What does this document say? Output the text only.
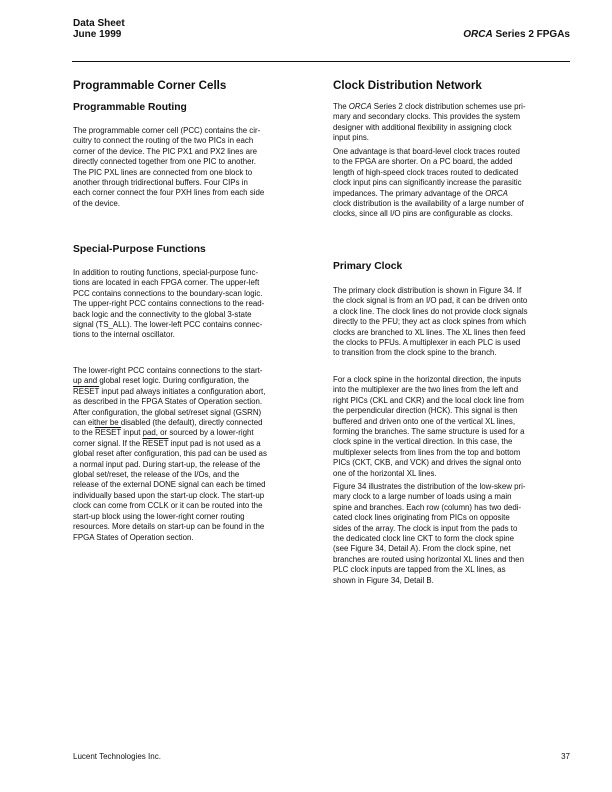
Data Sheet
June 1999	ORCA Series 2 FPGAs
Programmable Corner Cells
Programmable Routing
The programmable corner cell (PCC) contains the cir-
cuitry to connect the routing of the two PICs in each
corner of the device. The PIC PX1 and PX2 lines are
directly connected together from one PIC to another.
The PIC PXL lines are connected from one block to
another through tridirectional buffers. Four CIPs in
each corner connect the four PXH lines from each side
of the device.
Special-Purpose Functions
In addition to routing functions, special-purpose func-
tions are located in each FPGA corner. The upper-left
PCC contains connections to the boundary-scan logic.
The upper-right PCC contains connections to the read-
back logic and the connectivity to the global 3-state
signal (TS_ALL). The lower-left PCC contains connec-
tions to the internal oscillator.
The lower-right PCC contains connections to the start-
up and global reset logic. During configuration, the
RESET input pad always initiates a configuration abort,
as described in the FPGA States of Operation section.
After configuration, the global set/reset signal (GSRN)
can either be disabled (the default), directly connected
to the RESET input pad, or sourced by a lower-right
corner signal. If the RESET input pad is not used as a
global reset after configuration, this pad can be used as
a normal input pad. During start-up, the release of the
global set/reset, the release of the I/Os, and the
release of the external DONE signal can each be timed
individually based upon the start-up clock. The start-up
clock can come from CCLK or it can be routed into the
start-up block using the lower-right corner routing
resources. More details on start-up can be found in the
FPGA States of Operation section.
Clock Distribution Network
The ORCA Series 2 clock distribution schemes use pri-
mary and secondary clocks. This provides the system
designer with additional flexibility in assigning clock
input pins.
One advantage is that board-level clock traces routed
to the FPGA are shorter. On a PC board, the added
length of high-speed clock traces routed to dedicated
clock input pins can significantly increase the parasitic
impedances. The primary advantage of the ORCA
clock distribution is the availability of a large number of
clocks, since all I/O pins are configurable as clocks.
Primary Clock
The primary clock distribution is shown in Figure 34. If
the clock signal is from an I/O pad, it can be driven onto
a clock line. The clock lines do not provide clock signals
directly to the PFU; they act as clock spines from which
clocks are branched to XL lines. The XL lines then feed
the clocks to PFUs. A multiplexer in each PLC is used
to transition from the clock spine to the branch.
For a clock spine in the horizontal direction, the inputs
into the multiplexer are the two lines from the left and
right PICs (CKL and CKR) and the local clock line from
the perpendicular direction (HCK). This signal is then
buffered and driven onto one of the vertical XL lines,
forming the branches. The same structure is used for a
clock spine in the vertical direction. In this case, the
multiplexer selects from lines from the top and bottom
PICs (CKT, CKB, and VCK) and drives the signal onto
one of the horizontal XL lines.
Figure 34 illustrates the distribution of the low-skew pri-
mary clock to a large number of loads using a main
spine and branches. Each row (column) has two dedi-
cated clock lines originating from PICs on opposite
sides of the array. The clock is input from the pads to
the dedicated clock line CKT to form the clock spine
(see Figure 34, Detail A). From the clock spine, net
branches are routed using horizontal XL lines and then
PLC clock inputs are tapped from the XL lines, as
shown in Figure 34, Detail B.
Lucent Technologies Inc.	37
